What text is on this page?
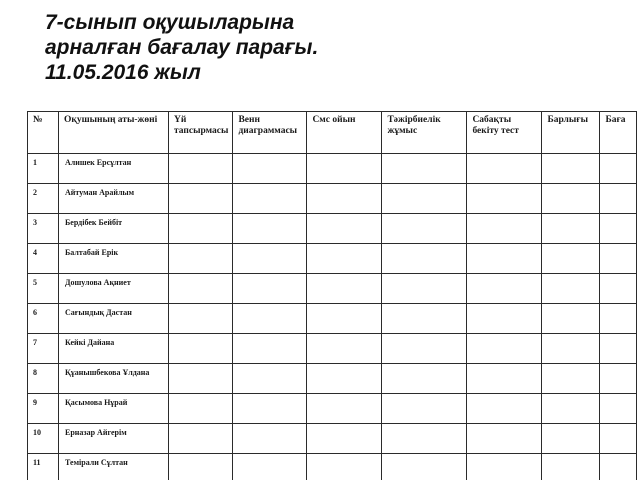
7-сынып оқушыларына
арналған бағалау парағы.
11.05.2016 жыл
№	Оқушының аты-жөні	Үй тапсырмасы	Венн диаграммасы	Смс ойын	Тәжірбиелік жұмыс	Сабақты бекіту тест	Барлығы	Баға

1	Алишек Ерсұлтан							
2	Айтуман Арайлым							
3	Бердібек Бейбіт							
4	Балтабай Ерік							
5	Дошулова Ақниет							
6	Сағындық Дастан							
7	Кейкі Дайана							
8	Құанышбекова Ұлдана							
9	Қасымова Нұрай							
10	Ерназар Айгерім							
11	Темірали Сұлтан							
